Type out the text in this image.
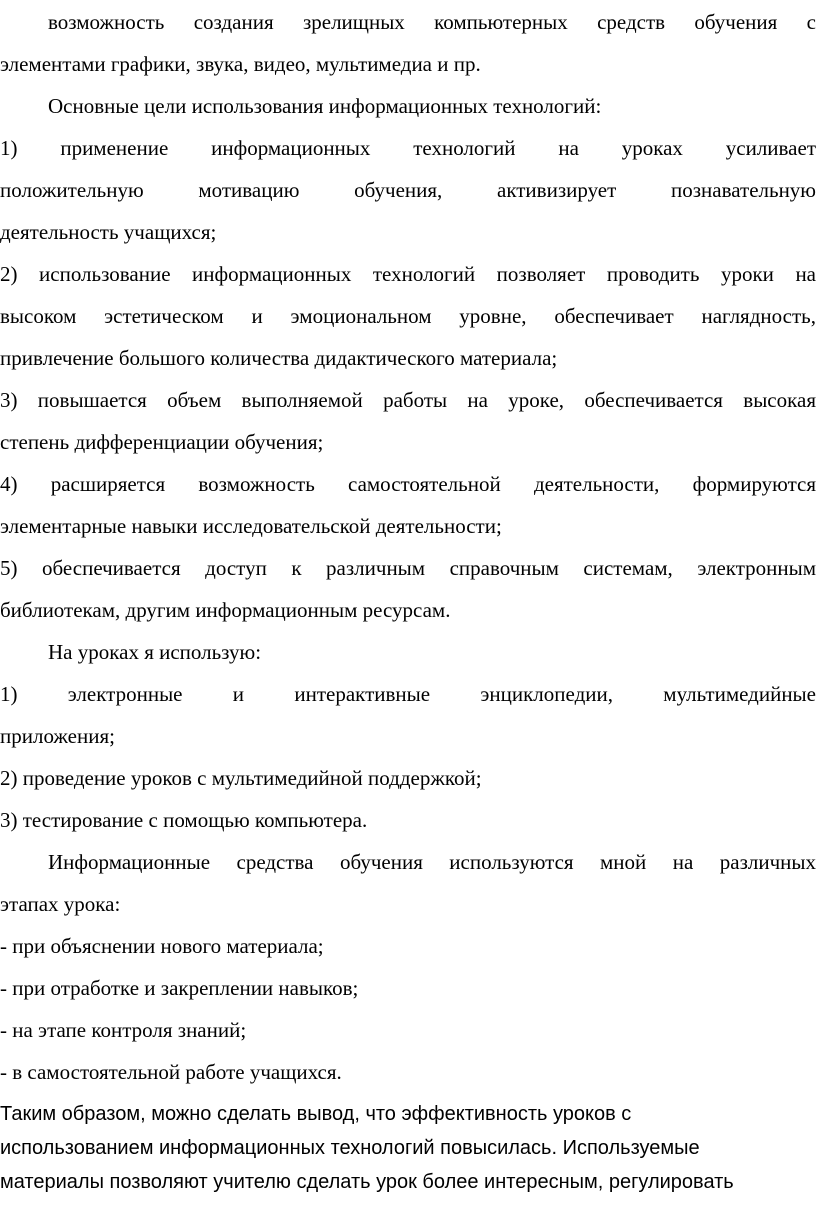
возможность создания зрелищных компьютерных средств обучения с
элементами графики, звука, видео, мультимедиа и пр.
Основные цели использования информационных технологий:
1) применение информационных технологий на уроках усиливает
положительную мотивацию обучения, активизирует познавательную
деятельность учащихся;
2) использование информационных технологий позволяет проводить уроки на
высоком эстетическом и эмоциональном уровне, обеспечивает наглядность,
привлечение большого количества дидактического материала;
3) повышается объем выполняемой работы на уроке, обеспечивается высокая
степень дифференциации обучения;
4) расширяется возможность самостоятельной деятельности, формируются
элементарные навыки исследовательской деятельности;
5) обеспечивается доступ к различным справочным системам, электронным
библиотекам, другим информационным ресурсам.
На уроках я использую:
1) электронные и интерактивные энциклопедии, мультимедийные
приложения;
2) проведение уроков с мультимедийной поддержкой;
3) тестирование с помощью компьютера.
Информационные средства обучения используются мной на различных
этапах урока:
- при объяснении нового материала;
- при отработке и закреплении навыков;
- на этапе контроля знаний;
- в самостоятельной работе учащихся.
Таким образом, можно сделать вывод, что эффективность уроков с
использованием информационных технологий повысилась. Используемые
материалы позволяют учителю сделать урок более интересным, регулировать
